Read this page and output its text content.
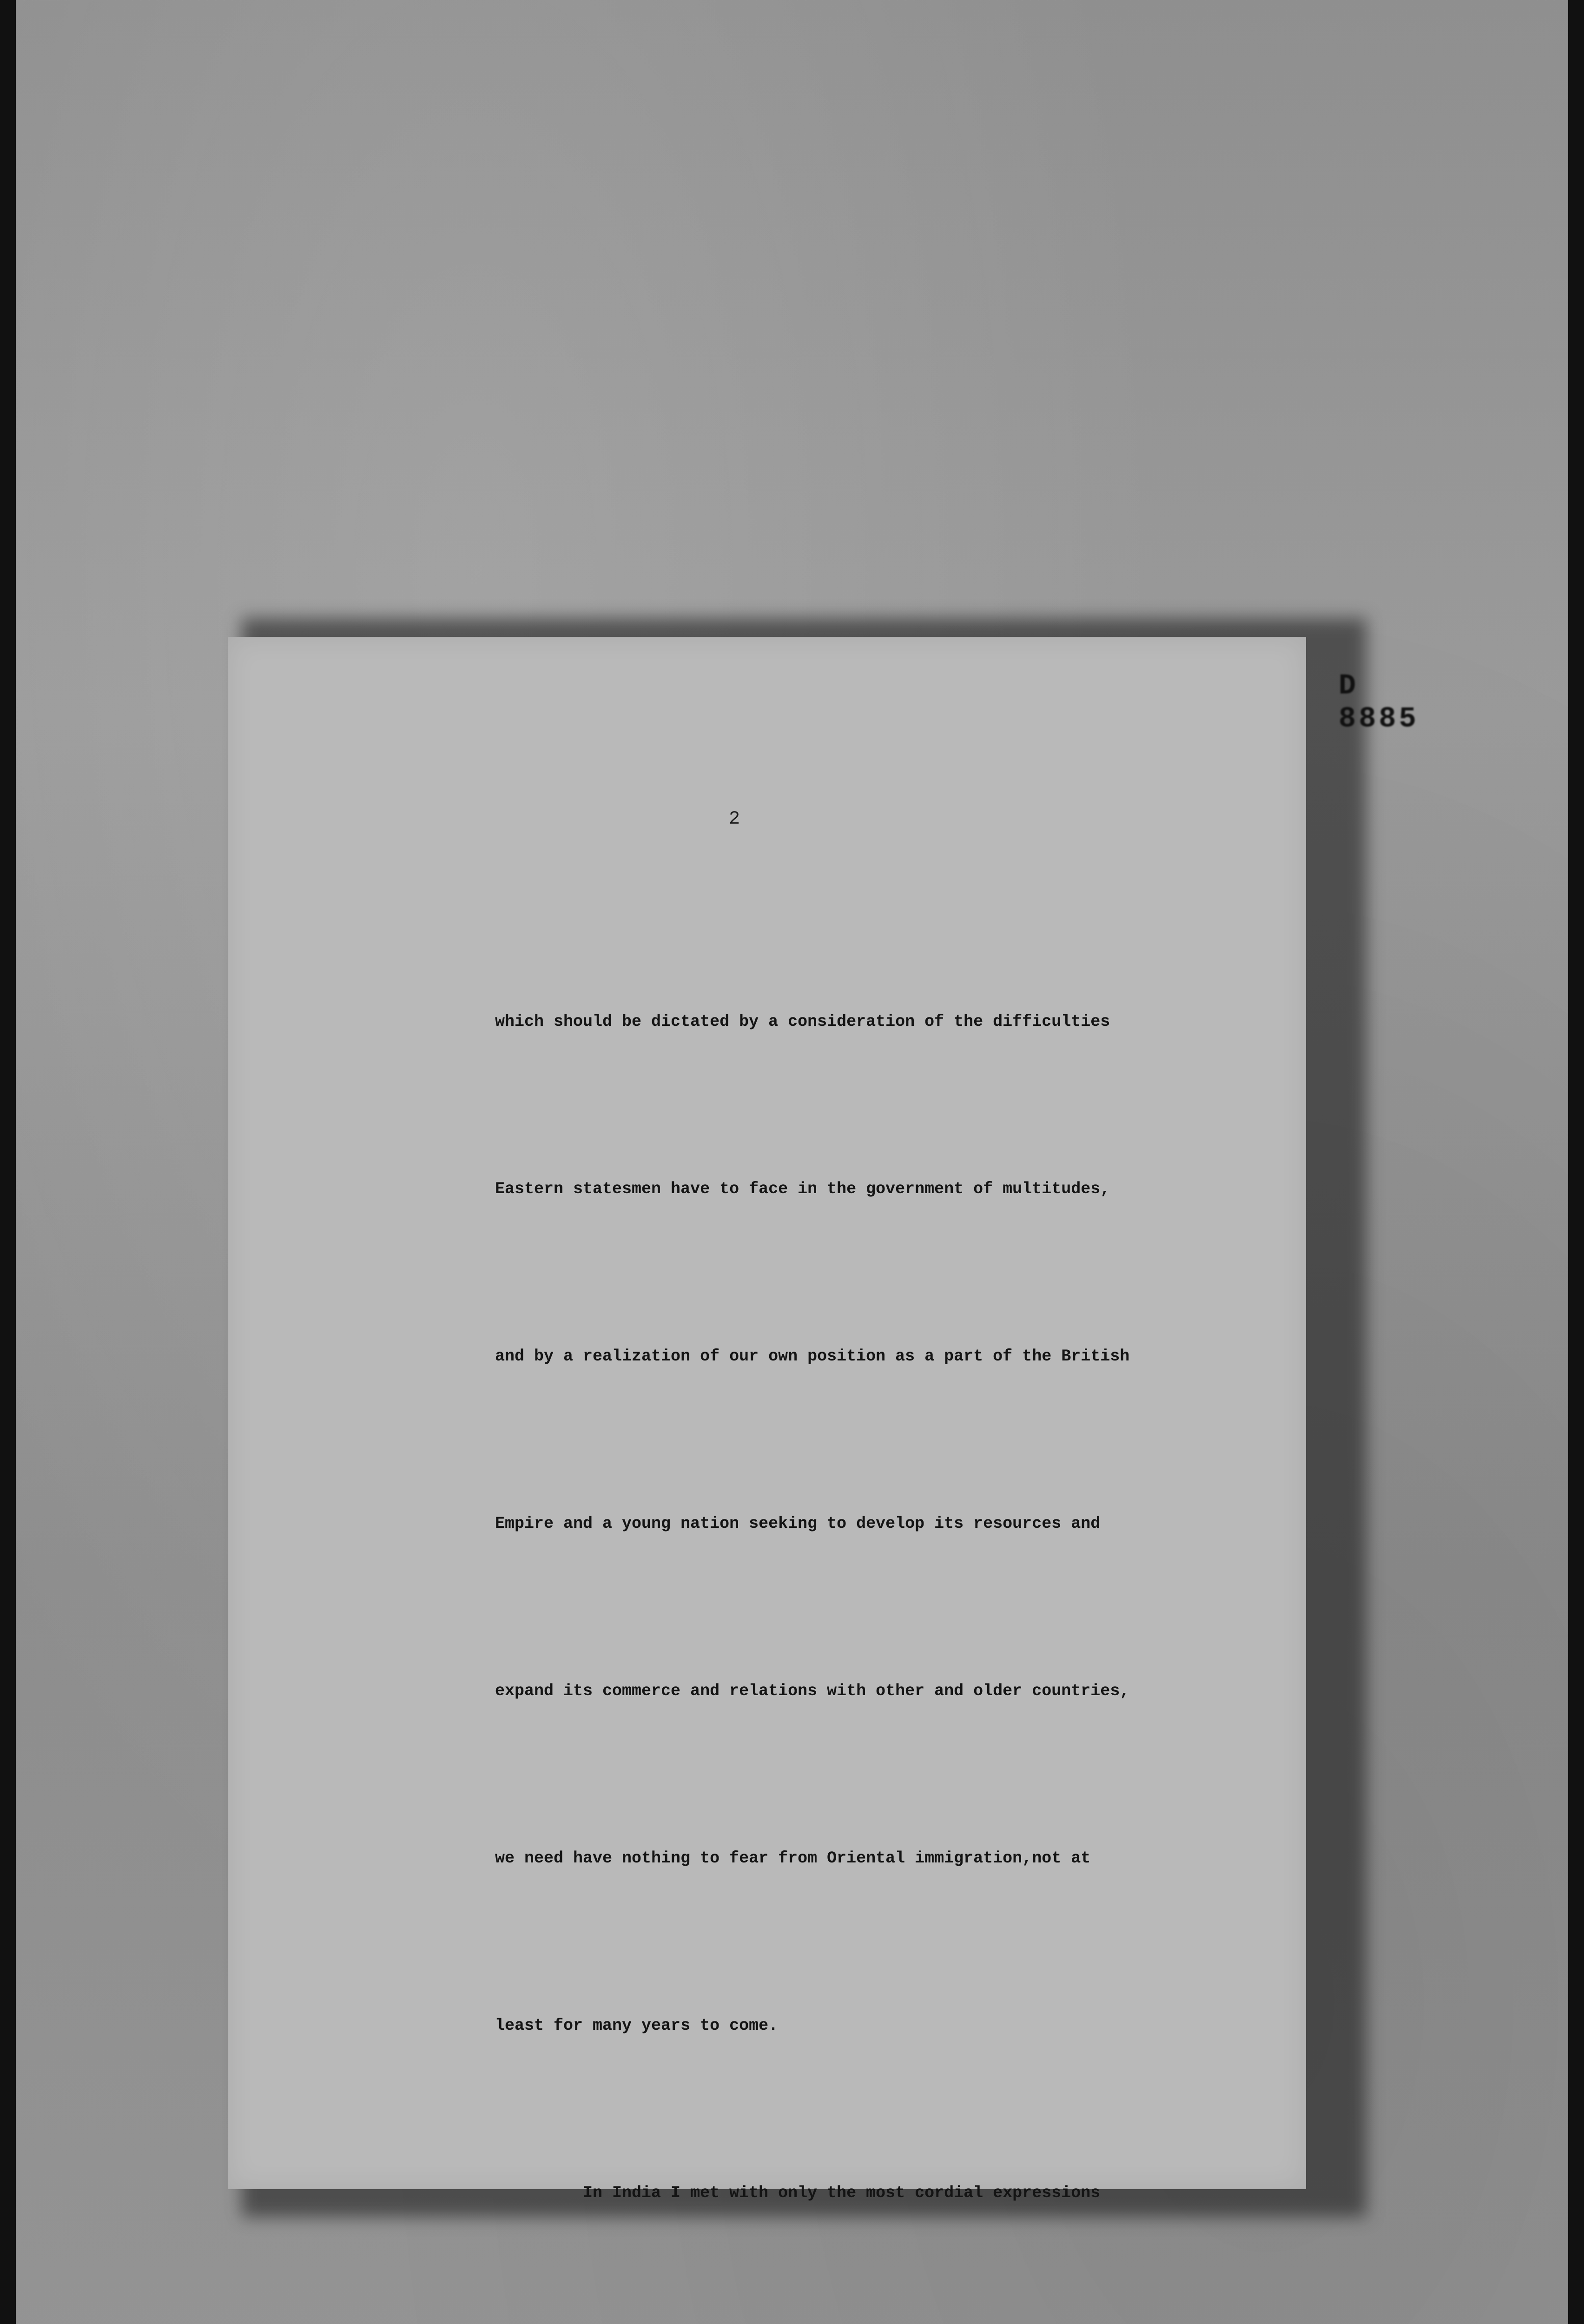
D 8885
2

which should be dictated by a consideration of the difficulties

Eastern statesmen have to face in the government of multitudes,

and by a realization of our own position as a part of the British

Empire and a young nation seeking to develop its resources and

expand its commerce and relations with other and older countries,

we need have nothing to fear from Oriental immigration,not at

least for many years to come.

In India I met with only the most cordial expressions
